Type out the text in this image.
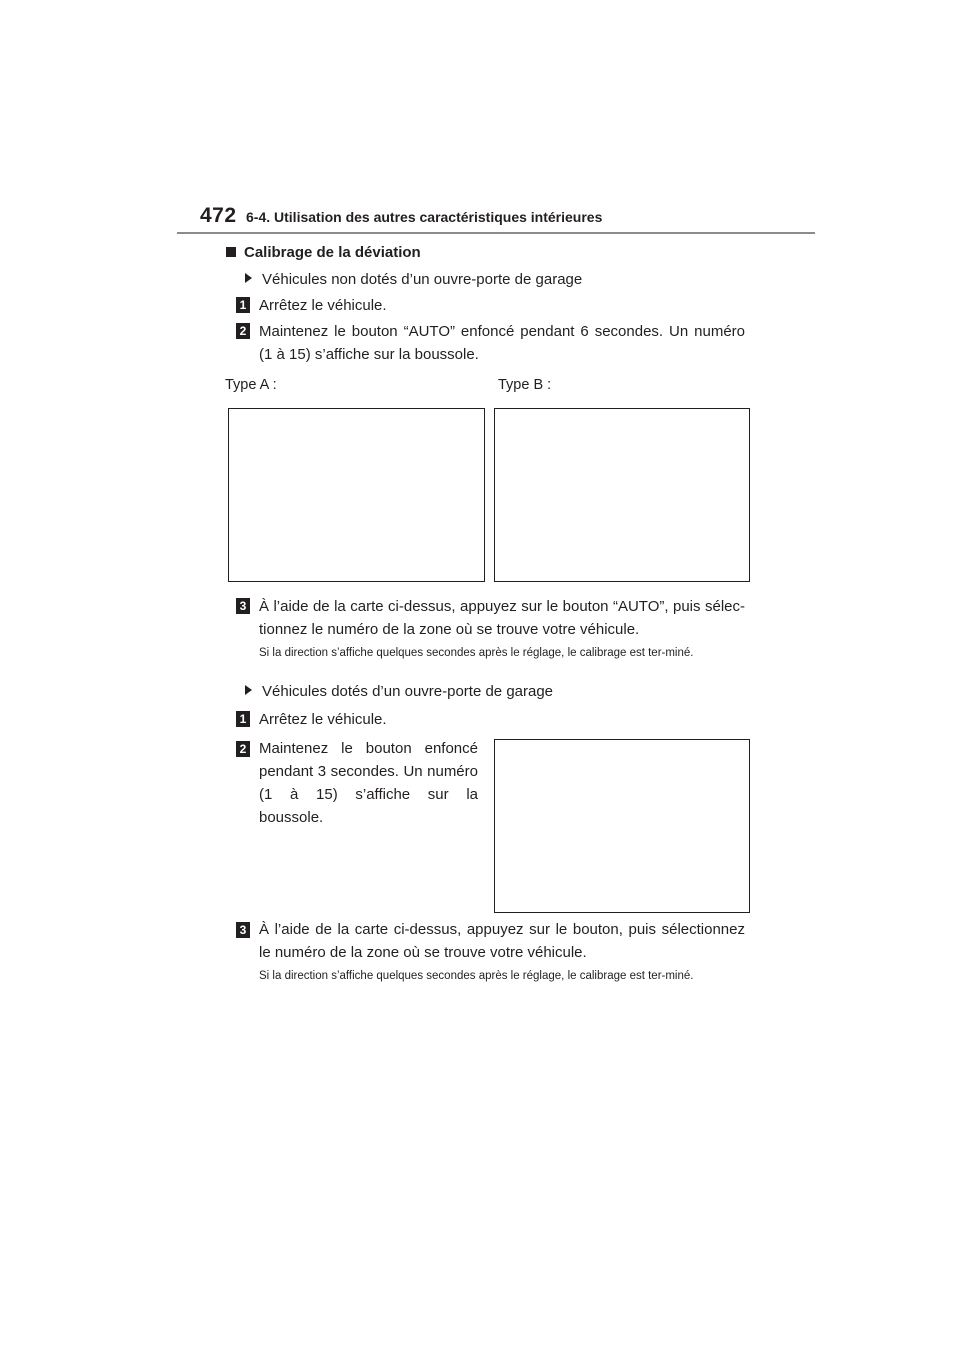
472 6-4. Utilisation des autres caractéristiques intérieures
Calibrage de la déviation
Véhicules non dotés d’un ouvre-porte de garage
1 Arrêtez le véhicule.
2 Maintenez le bouton “AUTO” enfoncé pendant 6 secondes. Un numéro (1 à 15) s’affiche sur la boussole.
Type A :	Type B :
3 À l’aide de la carte ci-dessus, appuyez sur le bouton “AUTO”, puis sélec-tionnez le numéro de la zone où se trouve votre véhicule.
Si la direction s’affiche quelques secondes après le réglage, le calibrage est ter-miné.
Véhicules dotés d’un ouvre-porte de garage
1 Arrêtez le véhicule.
2 Maintenez le bouton enfoncé pendant 3 secondes. Un numéro (1 à 15) s’affiche sur la boussole.
3 À l’aide de la carte ci-dessus, appuyez sur le bouton, puis sélectionnez le numéro de la zone où se trouve votre véhicule.
Si la direction s’affiche quelques secondes après le réglage, le calibrage est ter-miné.
